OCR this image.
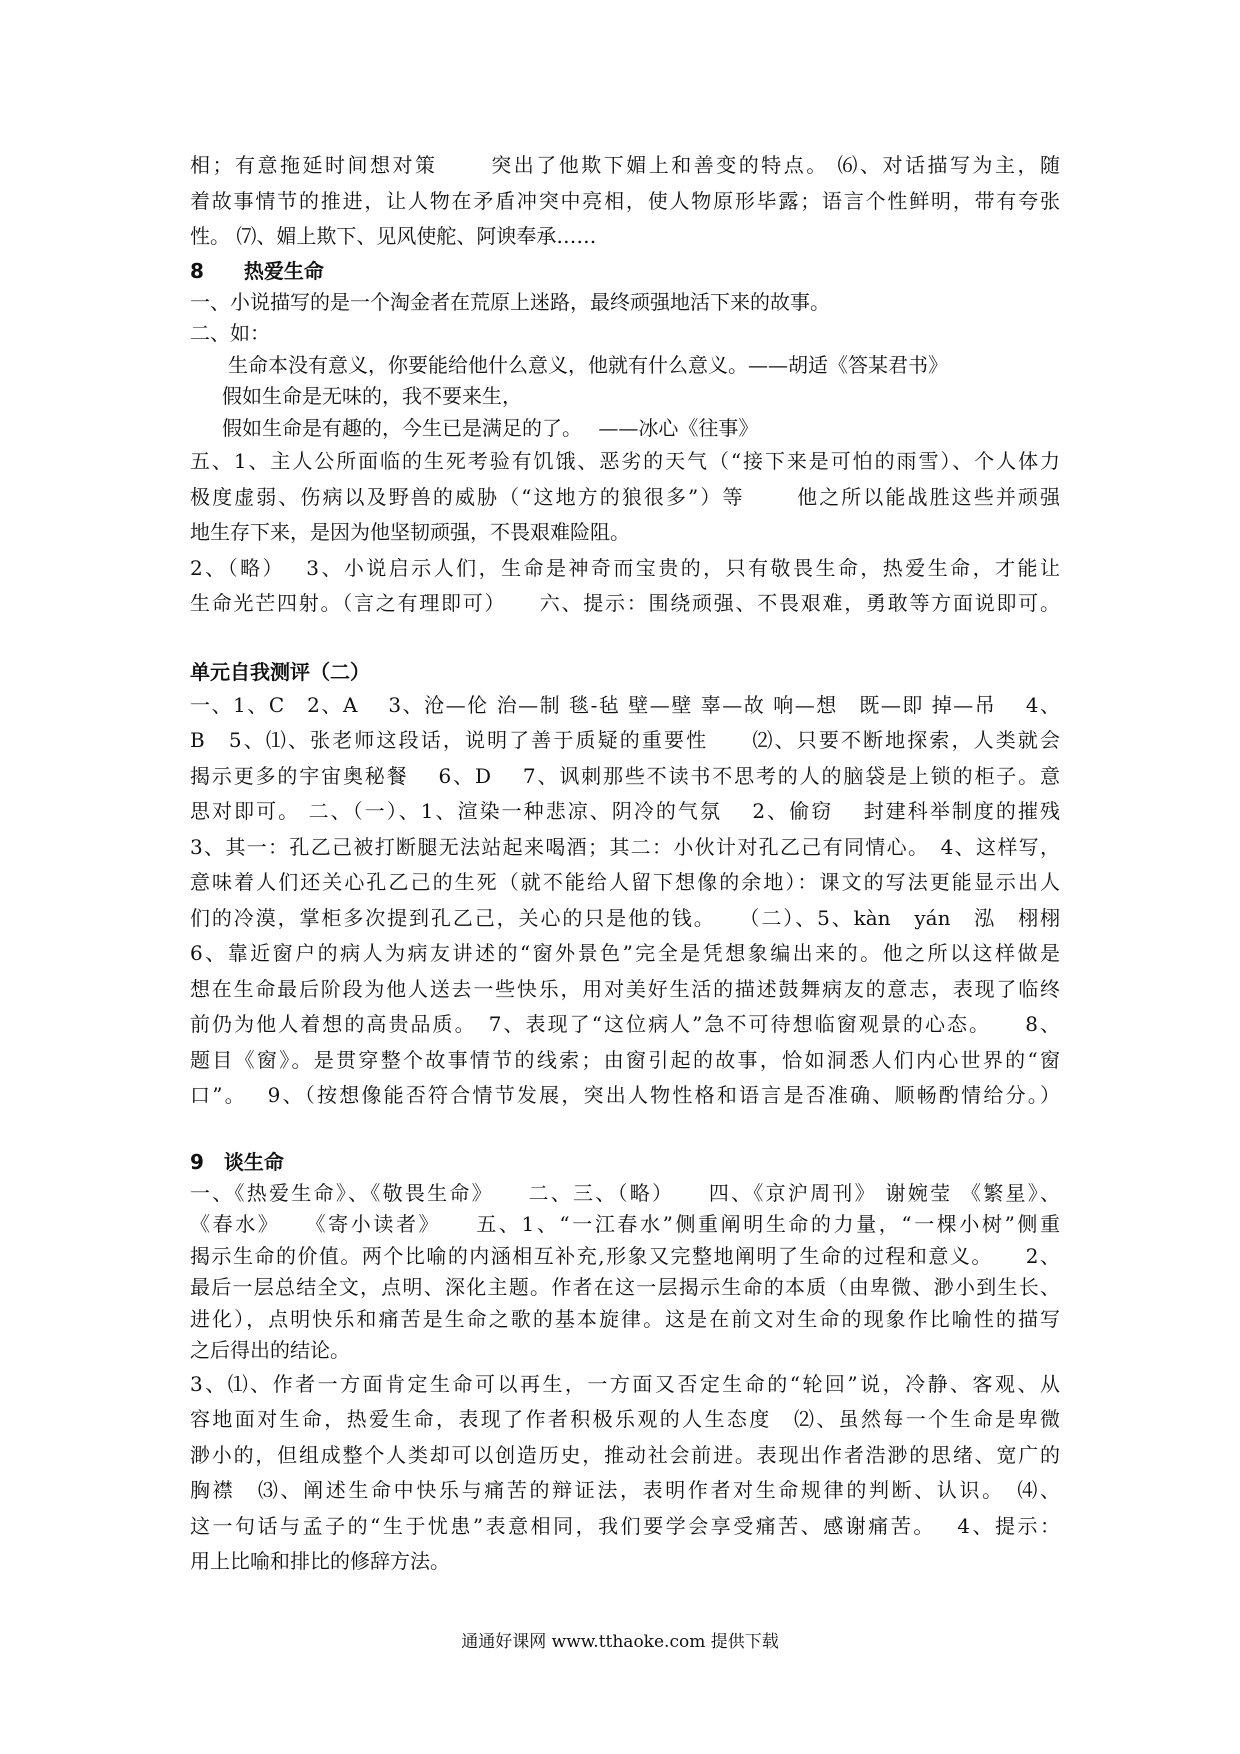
相；有意拖延时间想对策　　 突出了他欺下媚上和善变的特点。 ⑹、对话描写为主，随

着故事情节的推进，让人物在矛盾冲突中亮相，使人物原形毕露；语言个性鲜明，带有夸张

性。 ⑺、媚上欺下、见风使舵、阿谀奉承……

8　　热爱生命

一、小说描写的是一个淘金者在荒原上迷路，最终顽强地活下来的故事。

二、如：

生命本没有意义，你要能给他什么意义，他就有什么意义。——胡适《答某君书》

假如生命是无味的，我不要来生，

假如生命是有趣的，今生已是满足的了。　 ——冰心《往事》

五、1、主人公所面临的生死考验有饥饿、恶劣的天气（“接下来是可怕的雨雪）、个人体力

极度虚弱、伤病以及野兽的威胁（“这地方的狼很多”）等　　 他之所以能战胜这些并顽强

地生存下来，是因为他坚韧顽强，不畏艰难险阻。

2、（略）　 3、小说启示人们，生命是神奇而宝贵的，只有敬畏生命，热爱生命，才能让

生命光芒四射。（言之有理即可）　　六、提示：围绕顽强、不畏艰难，勇敢等方面说即可。

单元自我测评（二）

一、1、C　2、A　 3、沧—伦 治—制 毯-毡 壁—壁 辜—故 响—想　既—即 掉—吊　 4、

B　5、⑴、张老师这段话，说明了善于质疑的重要性　　⑵、只要不断地探索，人类就会

揭示更多的宇宙奥秘餐　 6、D　 7、讽刺那些不读书不思考的人的脑袋是上锁的柜子。意

思对即可。 二、（一）、1、渲染一种悲凉、阴冷的气氛　 2、偷窃　 封建科举制度的摧残

3、其一：孔乙己被打断腿无法站起来喝酒；其二：小伙计对孔乙己有同情心。　4、这样写，

意味着人们还关心孔乙己的生死（就不能给人留下想像的余地）：课文的写法更能显示出人

们的冷漠，掌柜多次提到孔乙己，关心的只是他的钱。　　（二）、5、kàn　yán　泓　栩栩

6、靠近窗户的病人为病友讲述的“窗外景色”完全是凭想象编出来的。他之所以这样做是

想在生命最后阶段为他人送去一些快乐，用对美好生活的描述鼓舞病友的意志，表现了临终

前仍为他人着想的高贵品质。　7、表现了“这位病人”急不可待想临窗观景的心态。　　8、

题目《窗》。是贯穿整个故事情节的线索；由窗引起的故事，恰如洞悉人们内心世界的“窗

口”。　 9、（按想像能否符合情节发展，突出人物性格和语言是否准确、顺畅酌情给分。）

9　谈生命

一、《热爱生命》、《敬畏生命》　　二、三、（略）　　四、《京沪周刊》 谢婉莹 《繁星》、

《春水》　　《寄小读者》　　五、1、“一江春水”侧重阐明生命的力量，“一棵小树”侧重

揭示生命的价值。两个比喻的内涵相互补充,形象又完整地阐明了生命的过程和意义。　　2、

最后一层总结全文，点明、深化主题。作者在这一层揭示生命的本质（由卑微、渺小到生长、

进化），点明快乐和痛苦是生命之歌的基本旋律。这是在前文对生命的现象作比喻性的描写

之后得出的结论。

3、⑴、作者一方面肯定生命可以再生，一方面又否定生命的“轮回”说，冷静、客观、从

容地面对生命，热爱生命，表现了作者积极乐观的人生态度　⑵、虽然每一个生命是卑微

渺小的，但组成整个人类却可以创造历史，推动社会前进。表现出作者浩渺的思绪、宽广的

胸襟　⑶、阐述生命中快乐与痛苦的辩证法，表明作者对生命规律的判断、认识。　⑷、

这一句话与孟子的“生于忧患”表意相同，我们要学会享受痛苦、感谢痛苦。　 4、提示：

用上比喻和排比的修辞方法。

通通好课网 www.tthaoke.com 提供下载
